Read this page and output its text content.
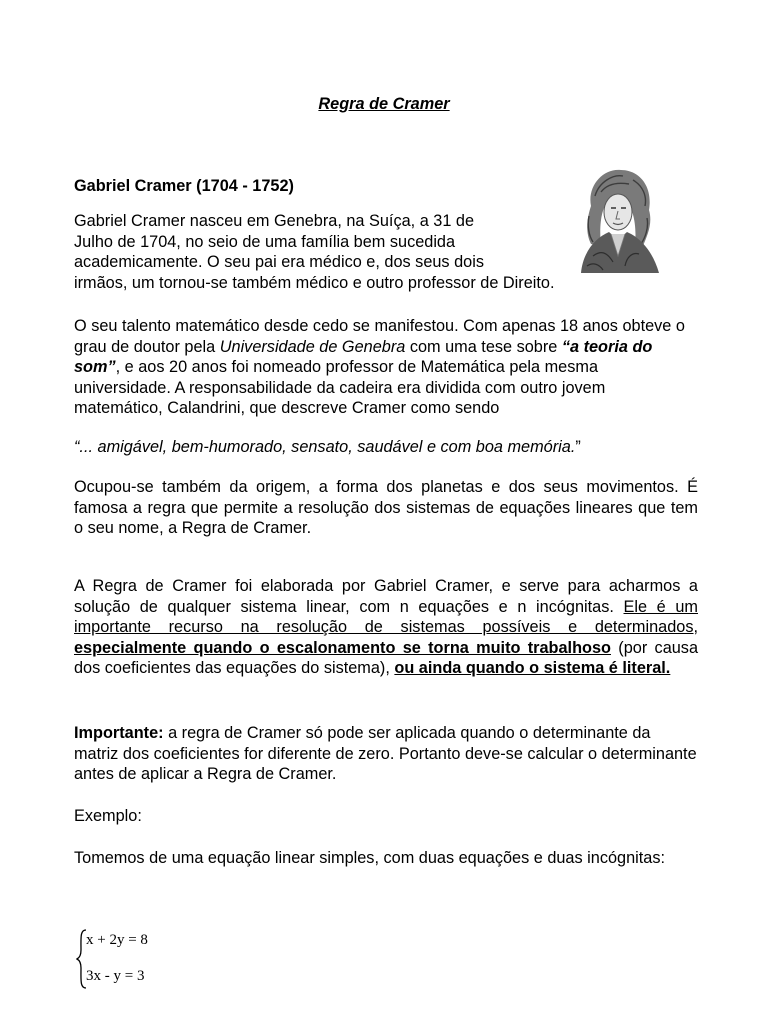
Regra de Cramer
Gabriel Cramer (1704 - 1752)
Gabriel Cramer nasceu em Genebra, na Suíça, a 31 de
Julho de 1704, no seio de uma família bem sucedida
academicamente. O seu pai era médico e, dos seus dois
irmãos, um tornou-se também médico e outro professor de Direito.
O seu talento matemático desde cedo se manifestou. Com apenas 18 anos obteve o grau de doutor pela Universidade de Genebra com uma tese sobre “a teoria do som”, e aos 20 anos foi nomeado professor de Matemática pela mesma universidade. A responsabilidade da cadeira era dividida com outro jovem matemático, Calandrini, que descreve Cramer como sendo
“... amigável, bem-humorado, sensato, saudável e com boa memória.”
Ocupou-se também da origem, a forma dos planetas e dos seus movimentos. É famosa a regra que permite a resolução dos sistemas de equações lineares que tem o seu nome, a Regra de Cramer.
A Regra de Cramer foi elaborada por Gabriel Cramer, e serve para acharmos a solução de qualquer sistema linear, com n equações e n incógnitas. Ele é um importante recurso na resolução de sistemas possíveis e determinados, especialmente quando o escalonamento se torna muito trabalhoso (por causa dos coeficientes das equações do sistema), ou ainda quando o sistema é literal.
Importante: a regra de Cramer só pode ser aplicada quando o determinante da matriz dos coeficientes for diferente de zero. Portanto deve-se calcular o determinante antes de aplicar a Regra de Cramer.
Exemplo:
Tomemos de uma equação linear simples, com duas equações e duas incógnitas:
x + 2y = 8
3x - y = 3
